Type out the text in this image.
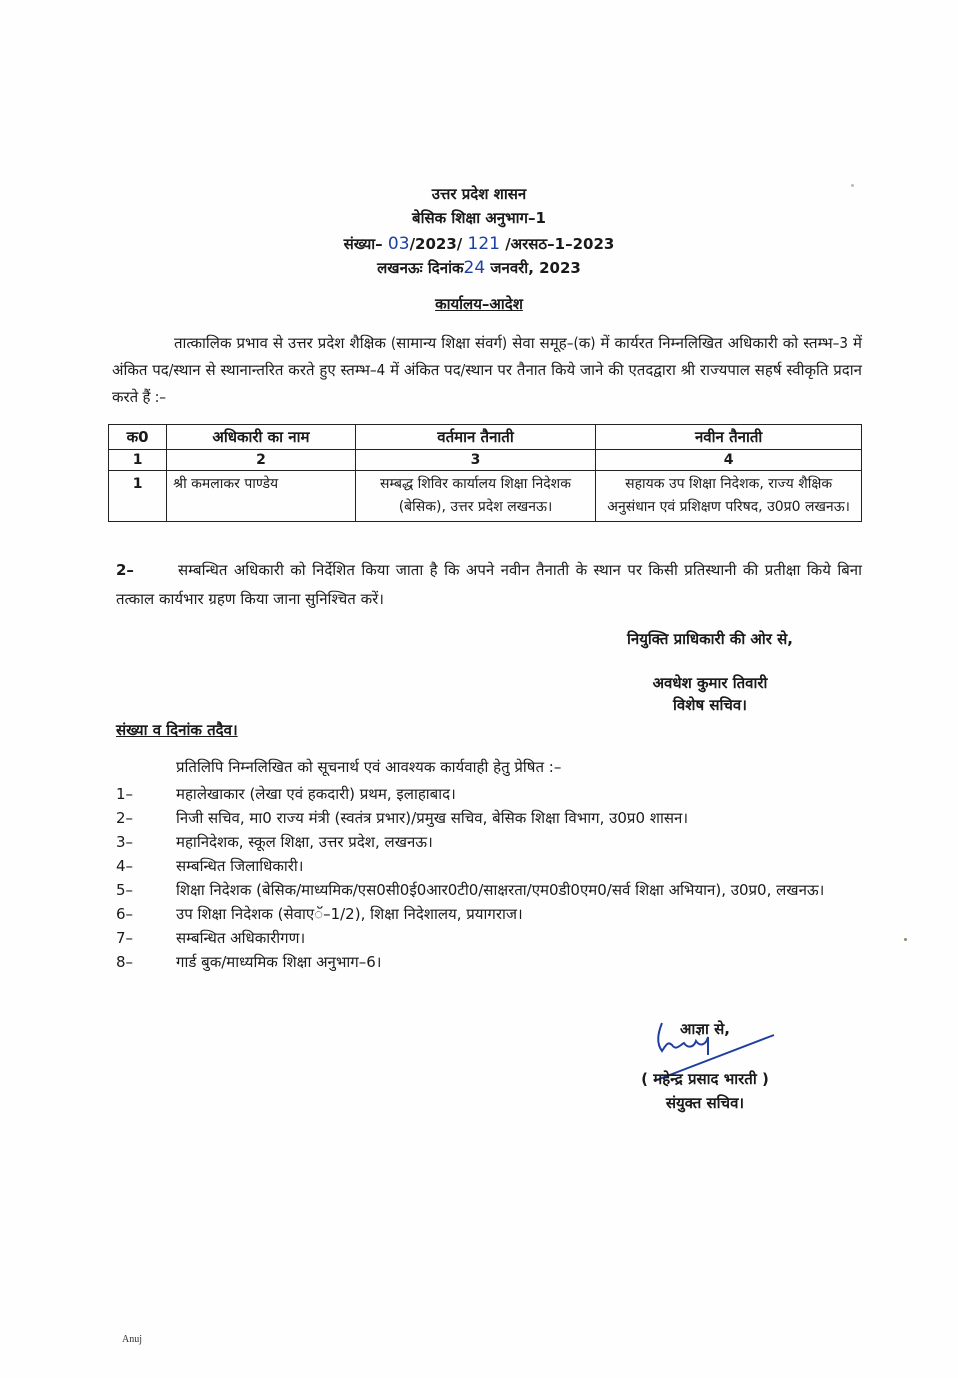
उत्तर प्रदेश शासन
बेसिक शिक्षा अनुभाग–1
संख्या– 03/2023/ 121 /अरसठ–1–2023
लखनऊः दिनांक24 जनवरी, 2023
कार्यालय–आदेश
तात्कालिक प्रभाव से उत्तर प्रदेश शैक्षिक (सामान्य शिक्षा संवर्ग) सेवा समूह–(क) में कार्यरत निम्नलिखित अधिकारी को स्तम्भ–3 में अंकित पद/स्थान से स्थानान्तरित करते हुए स्तम्भ–4 में अंकित पद/स्थान पर तैनात किये जाने की एतदद्वारा श्री राज्यपाल सहर्ष स्वीकृति प्रदान करते हैं :–
क0	अधिकारी का नाम	वर्तमान तैनाती	नवीन तैनाती
1	2	3	4
1	श्री कमलाकर पाण्डेय	सम्बद्ध शिविर कार्यालय शिक्षा निदेशक (बेसिक), उत्तर प्रदेश लखनऊ।	सहायक उप शिक्षा निदेशक, राज्य शैक्षिक अनुसंधान एवं प्रशिक्षण परिषद, उ0प्र0 लखनऊ।
2–	सम्बन्धित अधिकारी को निर्देशित किया जाता है कि अपने नवीन तैनाती के स्थान पर किसी प्रतिस्थानी की प्रतीक्षा किये बिना तत्काल कार्यभार ग्रहण किया जाना सुनिश्चित करें।
नियुक्ति प्राधिकारी की ओर से,
अवधेश कुमार तिवारी
विशेष सचिव।
संख्या व दिनांक तदैव।
प्रतिलिपि निम्नलिखित को सूचनार्थ एवं आवश्यक कार्यवाही हेतु प्रेषित :–
1–	महालेखाकार (लेखा एवं हकदारी) प्रथम, इलाहाबाद।
2–	निजी सचिव, मा0 राज्य मंत्री (स्वतंत्र प्रभार)/प्रमुख सचिव, बेसिक शिक्षा विभाग, उ0प्र0 शासन।
3–	महानिदेशक, स्कूल शिक्षा, उत्तर प्रदेश, लखनऊ।
4–	सम्बन्धित जिलाधिकारी।
5–	शिक्षा निदेशक (बेसिक/माध्यमिक/एस0सी0ई0आर0टी0/साक्षरता/एम0डी0एम0/सर्व शिक्षा अभियान), उ0प्र0, लखनऊ।
6–	उप शिक्षा निदेशक (सेवाएॅ–1/2), शिक्षा निदेशालय, प्रयागराज।
7–	सम्बन्धित अधिकारीगण।
8–	गार्ड बुक/माध्यमिक शिक्षा अनुभाग–6।
आज्ञा से,
( महेन्द्र प्रसाद भारती )
संयुक्त सचिव।
Anuj
